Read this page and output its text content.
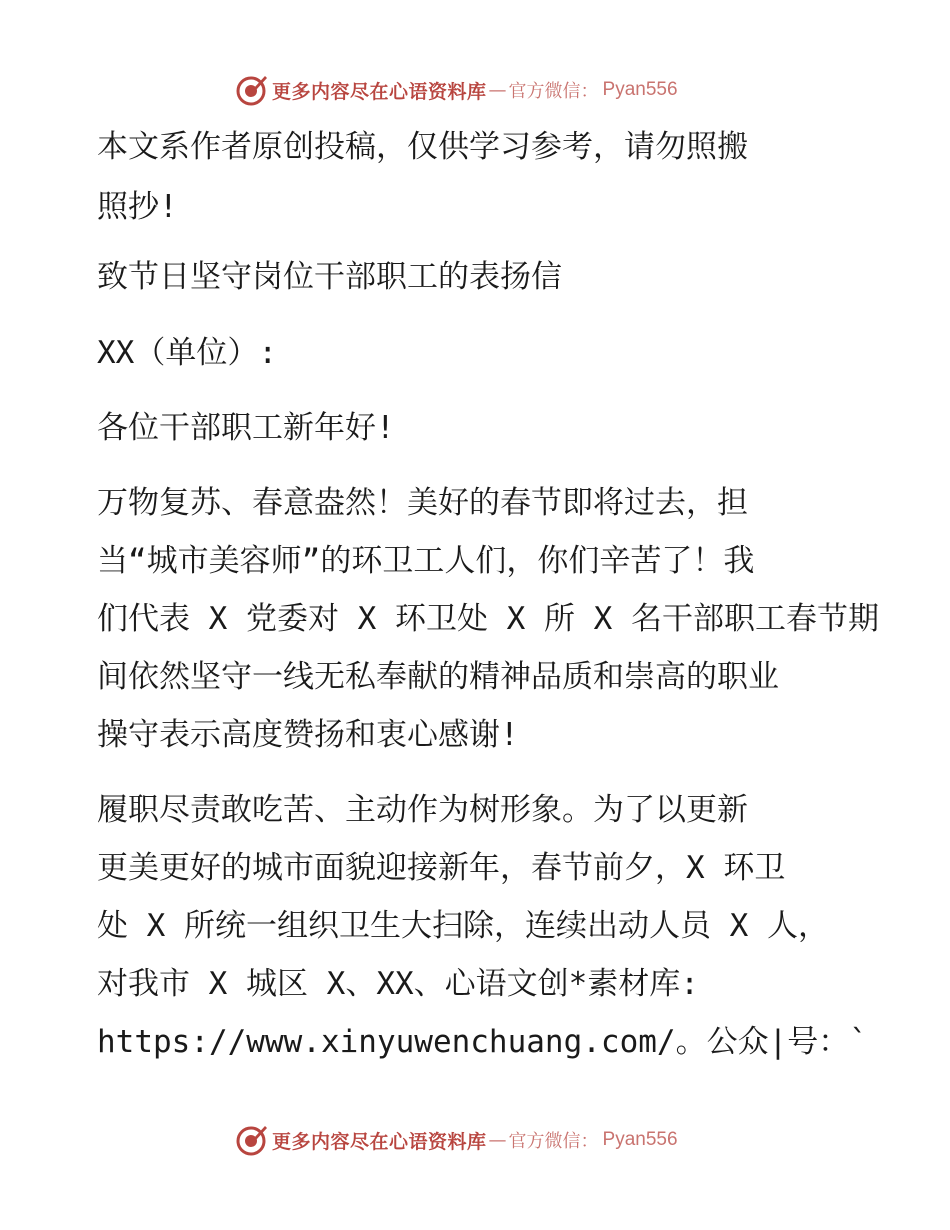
更多内容尽在心语资料库 — 官方微信： Pyan556
本文系作者原创投稿，仅供学习参考，请勿照搬
照抄!
致节日坚守岗位干部职工的表扬信
XX（单位）:
各位干部职工新年好!
万物复苏、春意盎然！美好的春节即将过去，担
当“城市美容师”的环卫工人们，你们辛苦了！我
们代表 X 党委对 X 环卫处 X 所 X 名干部职工春节期
间依然坚守一线无私奉献的精神品质和崇高的职业
操守表示高度赞扬和衷心感谢!
履职尽责敢吃苦、主动作为树形象。为了以更新
更美更好的城市面貌迎接新年，春节前夕，X 环卫
处 X 所统一组织卫生大扫除，连续出动人员 X 人，
对我市 X 城区 X、XX、心语文创*素材库:
https://www.xinyuwenchuang.com/。公众|号：`
更多内容尽在心语资料库 — 官方微信： Pyan556
